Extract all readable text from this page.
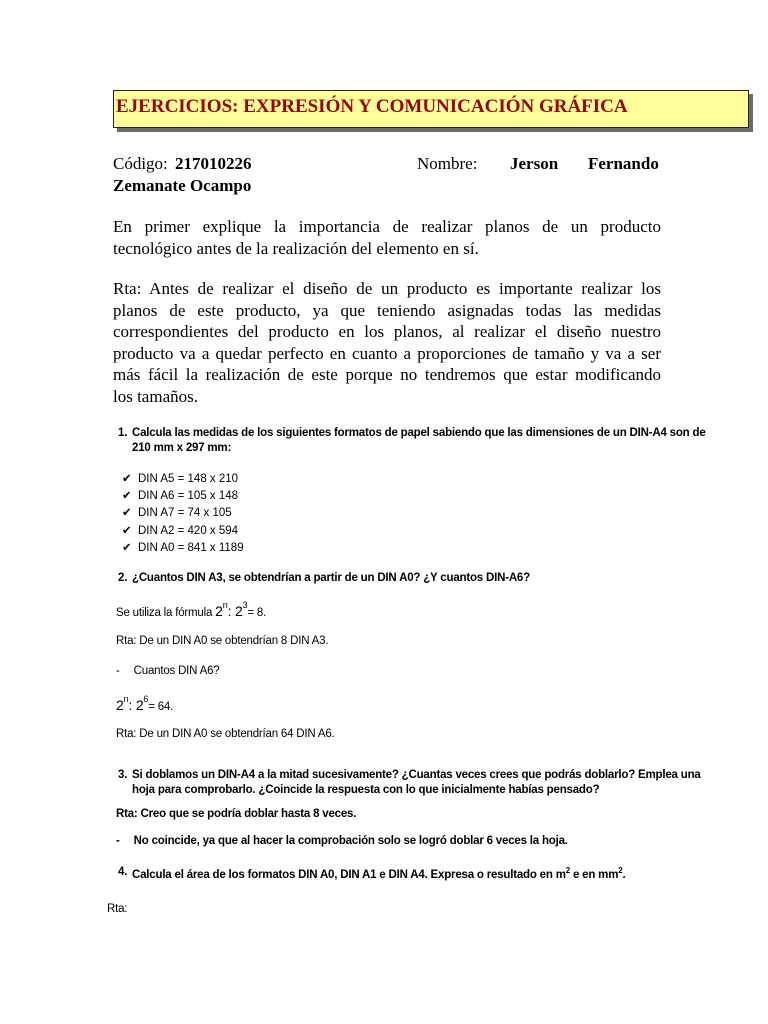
EJERCICIOS: EXPRESIÓN Y COMUNICACIÓN GRÁFICA
Código: 217010226	Nombre: Jerson Fernando
Zemanate Ocampo
En primer explique la importancia de realizar planos de un producto
tecnológico antes de la realización del elemento en sí.
Rta: Antes de realizar el diseño de un producto es importante realizar los
planos de este producto, ya que teniendo asignadas todas las medidas
correspondientes del producto en los planos, al realizar el diseño nuestro
producto va a quedar perfecto en cuanto a proporciones de tamaño y va a ser
más fácil la realización de este porque no tendremos que estar modificando
los tamaños.
1. Calcula las medidas de los siguientes formatos de papel sabiendo que las dimensiones de un DIN-A4 son de
210 mm x 297 mm:
✔ DIN A5 = 148 x 210
✔ DIN A6 = 105 x 148
✔ DIN A7 = 74 x 105
✔ DIN A2 = 420 x 594
✔ DIN A0 = 841 x 1189
2. ¿Cuantos DIN A3, se obtendrían a partir de un DIN A0? ¿Y cuantos DIN-A6?
Se utiliza la fórmula 2$^n$: $2^3= 8$.
Rta: De un DIN A0 se obtendrían 8 DIN A3.
- Cuantos DIN A6?
2$^n$: $2^6= 64$.
Rta: De un DIN A0 se obtendrían 64 DIN A6.
3. Si doblamos un DIN-A4 a la mitad sucesivamente? ¿Cuantas veces crees que podrás doblarlo? Emplea una
hoja para comprobarlo. ¿Coincide la respuesta con lo que inicialmente habías pensado?
Rta: Creo que se podría doblar hasta 8 veces.
- No coincide, ya que al hacer la comprobación solo se logró doblar 6 veces la hoja.
4. Calcula el área de los formatos DIN A0, DIN A1 e DIN A4. Expresa o resultado en $m^2$ e en $mm^2$.
Rta:
